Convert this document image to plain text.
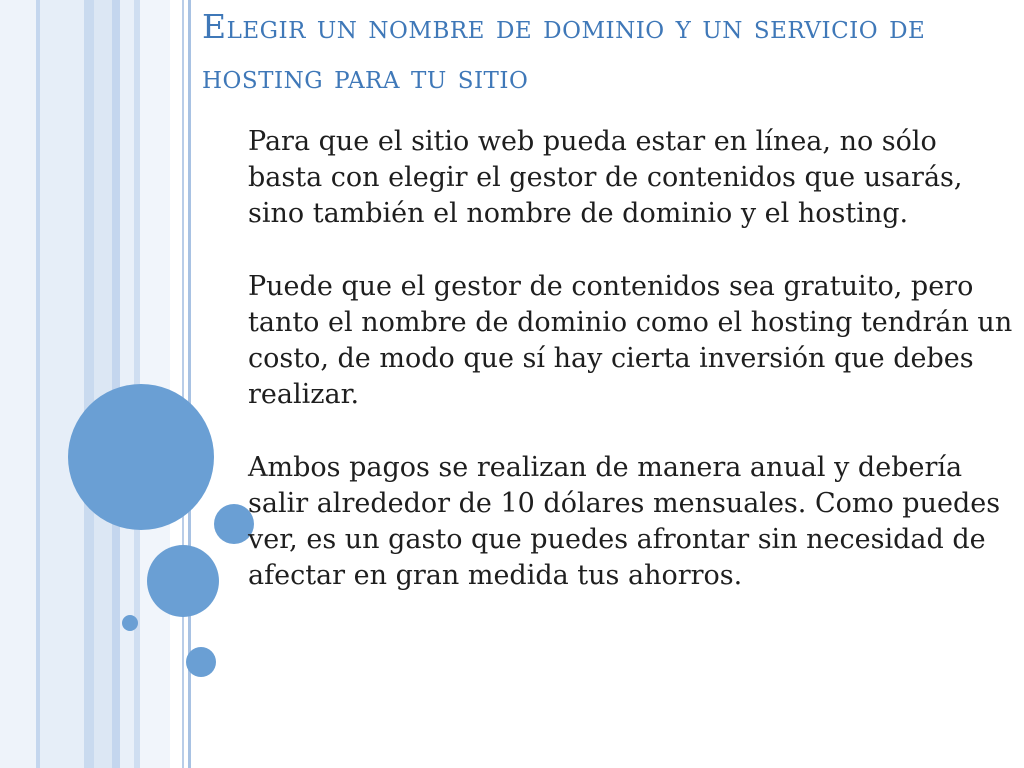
Elegir un nombre de dominio y un servicio de hosting para tu sitio

Para que el sitio web pueda estar en línea, no sólo basta con elegir el gestor de contenidos que usarás, sino también el nombre de dominio y el hosting.

Puede que el gestor de contenidos sea gratuito, pero tanto el nombre de dominio como el hosting tendrán un costo, de modo que sí hay cierta inversión que debes realizar.

Ambos pagos se realizan de manera anual y debería salir alrededor de 10 dólares mensuales. Como puedes ver, es un gasto que puedes afrontar sin necesidad de afectar en gran medida tus ahorros.
